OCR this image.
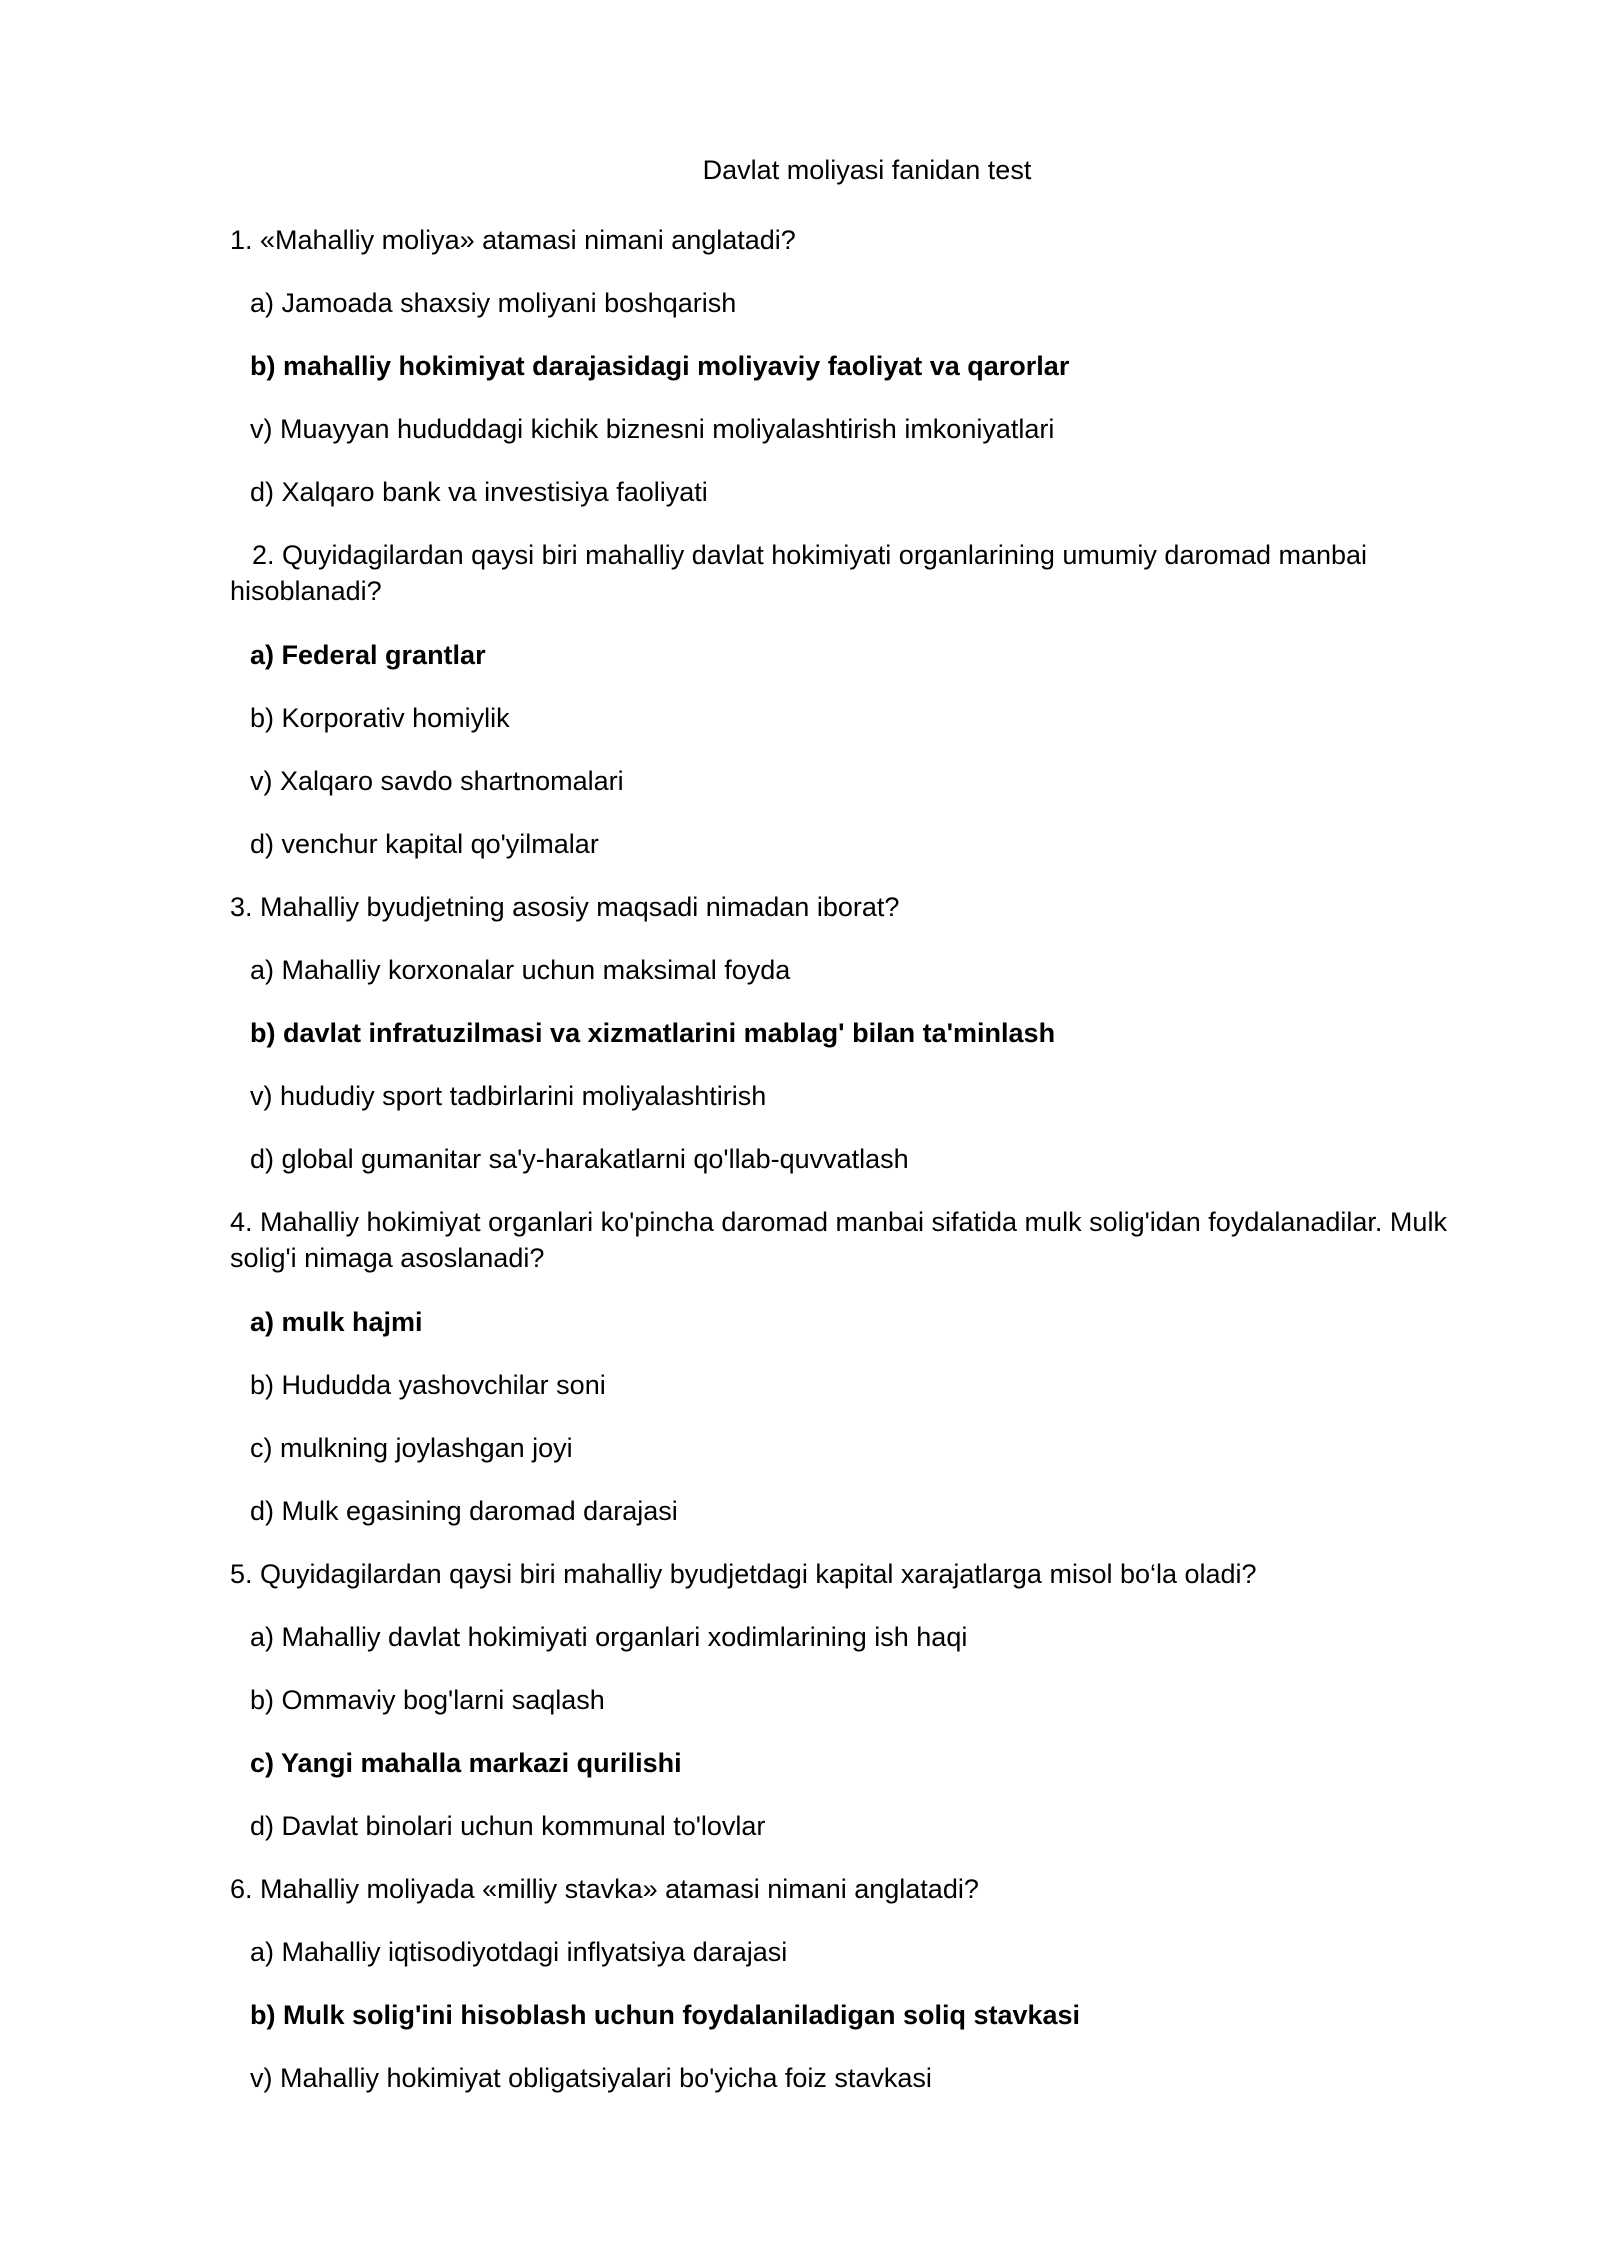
Davlat moliyasi fanidan test

1. «Mahalliy moliya» atamasi nimani anglatadi?

a) Jamoada shaxsiy moliyani boshqarish
b) mahalliy hokimiyat darajasidagi moliyaviy faoliyat va qarorlar
v) Muayyan hududdagi kichik biznesni moliyalashtirish imkoniyatlari
d) Xalqaro bank va investisiya faoliyati

2. Quyidagilardan qaysi biri mahalliy davlat hokimiyati organlarining umumiy daromad manbai hisoblanadi?

a) Federal grantlar
b) Korporativ homiylik
v) Xalqaro savdo shartnomalari
d) venchur kapital qo'yilmalar

3. Mahalliy byudjetning asosiy maqsadi nimadan iborat?

a) Mahalliy korxonalar uchun maksimal foyda
b) davlat infratuzilmasi va xizmatlarini mablag' bilan ta'minlash
v) hududiy sport tadbirlarini moliyalashtirish
d) global gumanitar sa'y-harakatlarni qo'llab-quvvatlash

4. Mahalliy hokimiyat organlari ko'pincha daromad manbai sifatida mulk solig'idan foydalanadilar. Mulk solig'i nimaga asoslanadi?

a) mulk hajmi
b) Hududda yashovchilar soni
c) mulkning joylashgan joyi
d) Mulk egasining daromad darajasi

5. Quyidagilardan qaysi biri mahalliy byudjetdagi kapital xarajatlarga misol bo‘la oladi?

a) Mahalliy davlat hokimiyati organlari xodimlarining ish haqi
b) Ommaviy bog'larni saqlash
c) Yangi mahalla markazi qurilishi
d) Davlat binolari uchun kommunal to'lovlar

6. Mahalliy moliyada «milliy stavka» atamasi nimani anglatadi?

a) Mahalliy iqtisodiyotdagi inflyatsiya darajasi
b) Mulk solig'ini hisoblash uchun foydalaniladigan soliq stavkasi
v) Mahalliy hokimiyat obligatsiyalari bo'yicha foiz stavkasi
